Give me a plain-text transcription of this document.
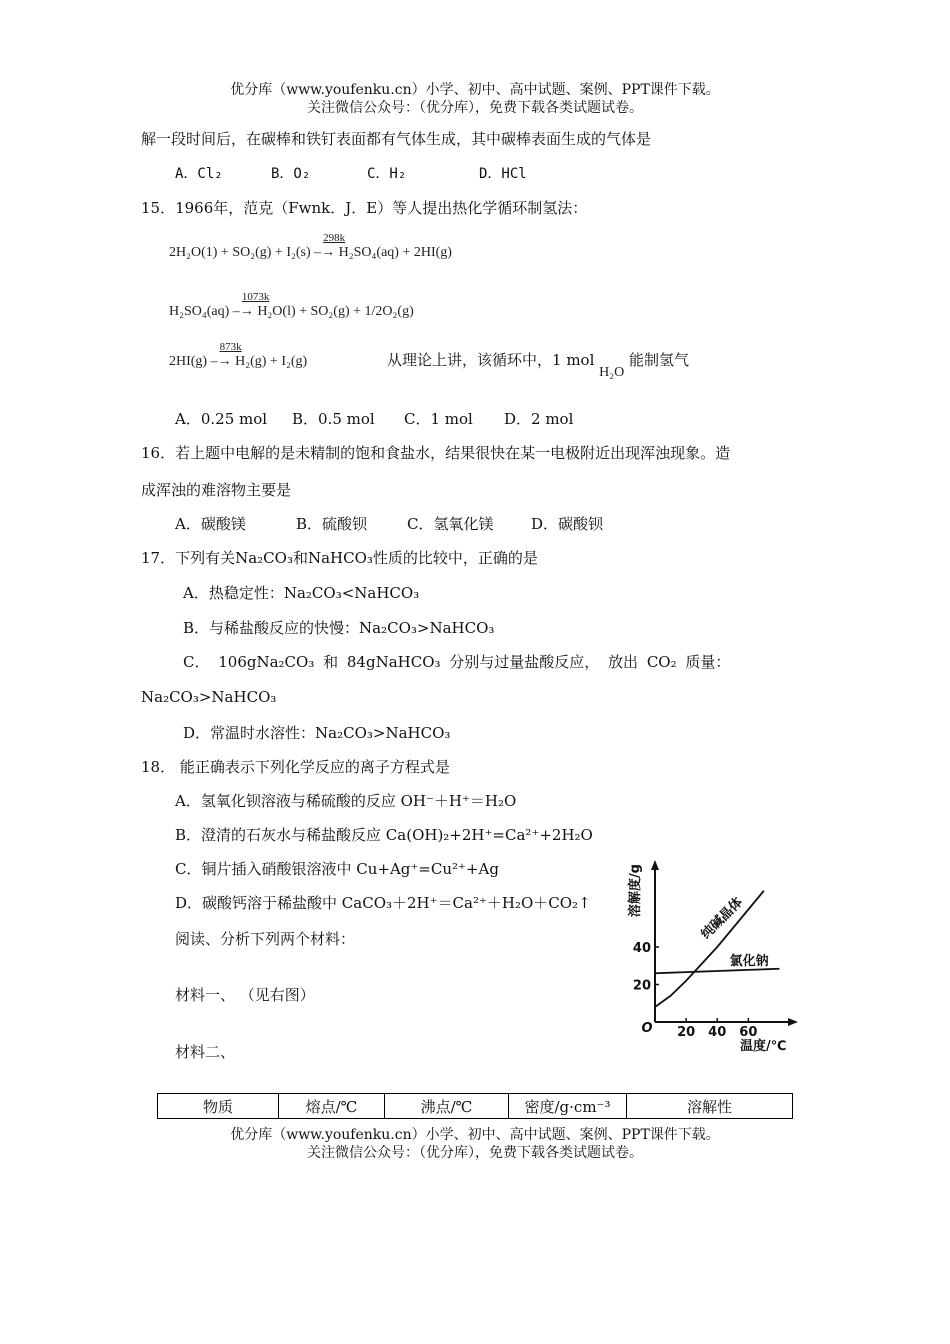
优分库（www.youfenku.cn）小学、初中、高中试题、案例、PPT课件下载。
关注微信公众号：（优分库），免费下载各类试题试卷。
解一段时间后，在碳棒和铁钉表面都有气体生成，其中碳棒表面生成的气体是
A．Cl₂	B．O₂	C．H₂	D．HCl
15．1966年，范克（Fwnk．J．E）等人提出热化学循环制氢法：
2H₂O(1) + SO₂(g) + I₂(s) –
298k
→ H₂SO₄(aq) + 2HI(g)
H₂SO₄(aq) –
1073k
→ H₂O(l) + SO₂(g) + 1/2O₂(g)
2HI(g) –
873k
→ H₂(g) + I₂(g)	从理论上讲，该循环中，1 mol H₂O 能制氢气
A．0.25 mol B．0.5 mol C．1 mol D．2 mol
16．若上题中电解的是未精制的饱和食盐水，结果很快在某一电极附近出现浑浊现象。造
成浑浊的难溶物主要是
A．碳酸镁	B．硫酸钡	C．氢氧化镁	D．碳酸钡
17．下列有关Na₂CO₃和NaHCO₃性质的比较中，正确的是
A．热稳定性：Na₂CO₃<NaHCO₃
B．与稀盐酸反应的快慢：Na₂CO₃>NaHCO₃
C． 106gNa₂CO₃ 和 84gNaHCO₃ 分别与过量盐酸反应， 放出 CO₂ 质量：
Na₂CO₃>NaHCO₃
D．常温时水溶性：Na₂CO₃>NaHCO₃
18． 能正确表示下列化学反应的离子方程式是
A．氢氧化钡溶液与稀硫酸的反应 OH⁻＋H⁺＝H₂O
B．澄清的石灰水与稀盐酸反应 Ca(OH)₂+2H⁺=Ca²⁺+2H₂O
C．铜片插入硝酸银溶液中 Cu+Ag⁺=Cu²⁺+Ag
D．碳酸钙溶于稀盐酸中 CaCO₃＋2H⁺＝Ca²⁺＋H₂O＋CO₂↑
阅读、分析下列两个材料：
材料一、 （见右图）
材料二、
溶解度/g
温度/℃
O 20 40 60
20
40
纯碱晶体
氯化钠
物质	熔点/℃	沸点/℃	密度/g·cm⁻³	溶解性
优分库（www.youfenku.cn）小学、初中、高中试题、案例、PPT课件下载。
关注微信公众号：（优分库），免费下载各类试题试卷。
